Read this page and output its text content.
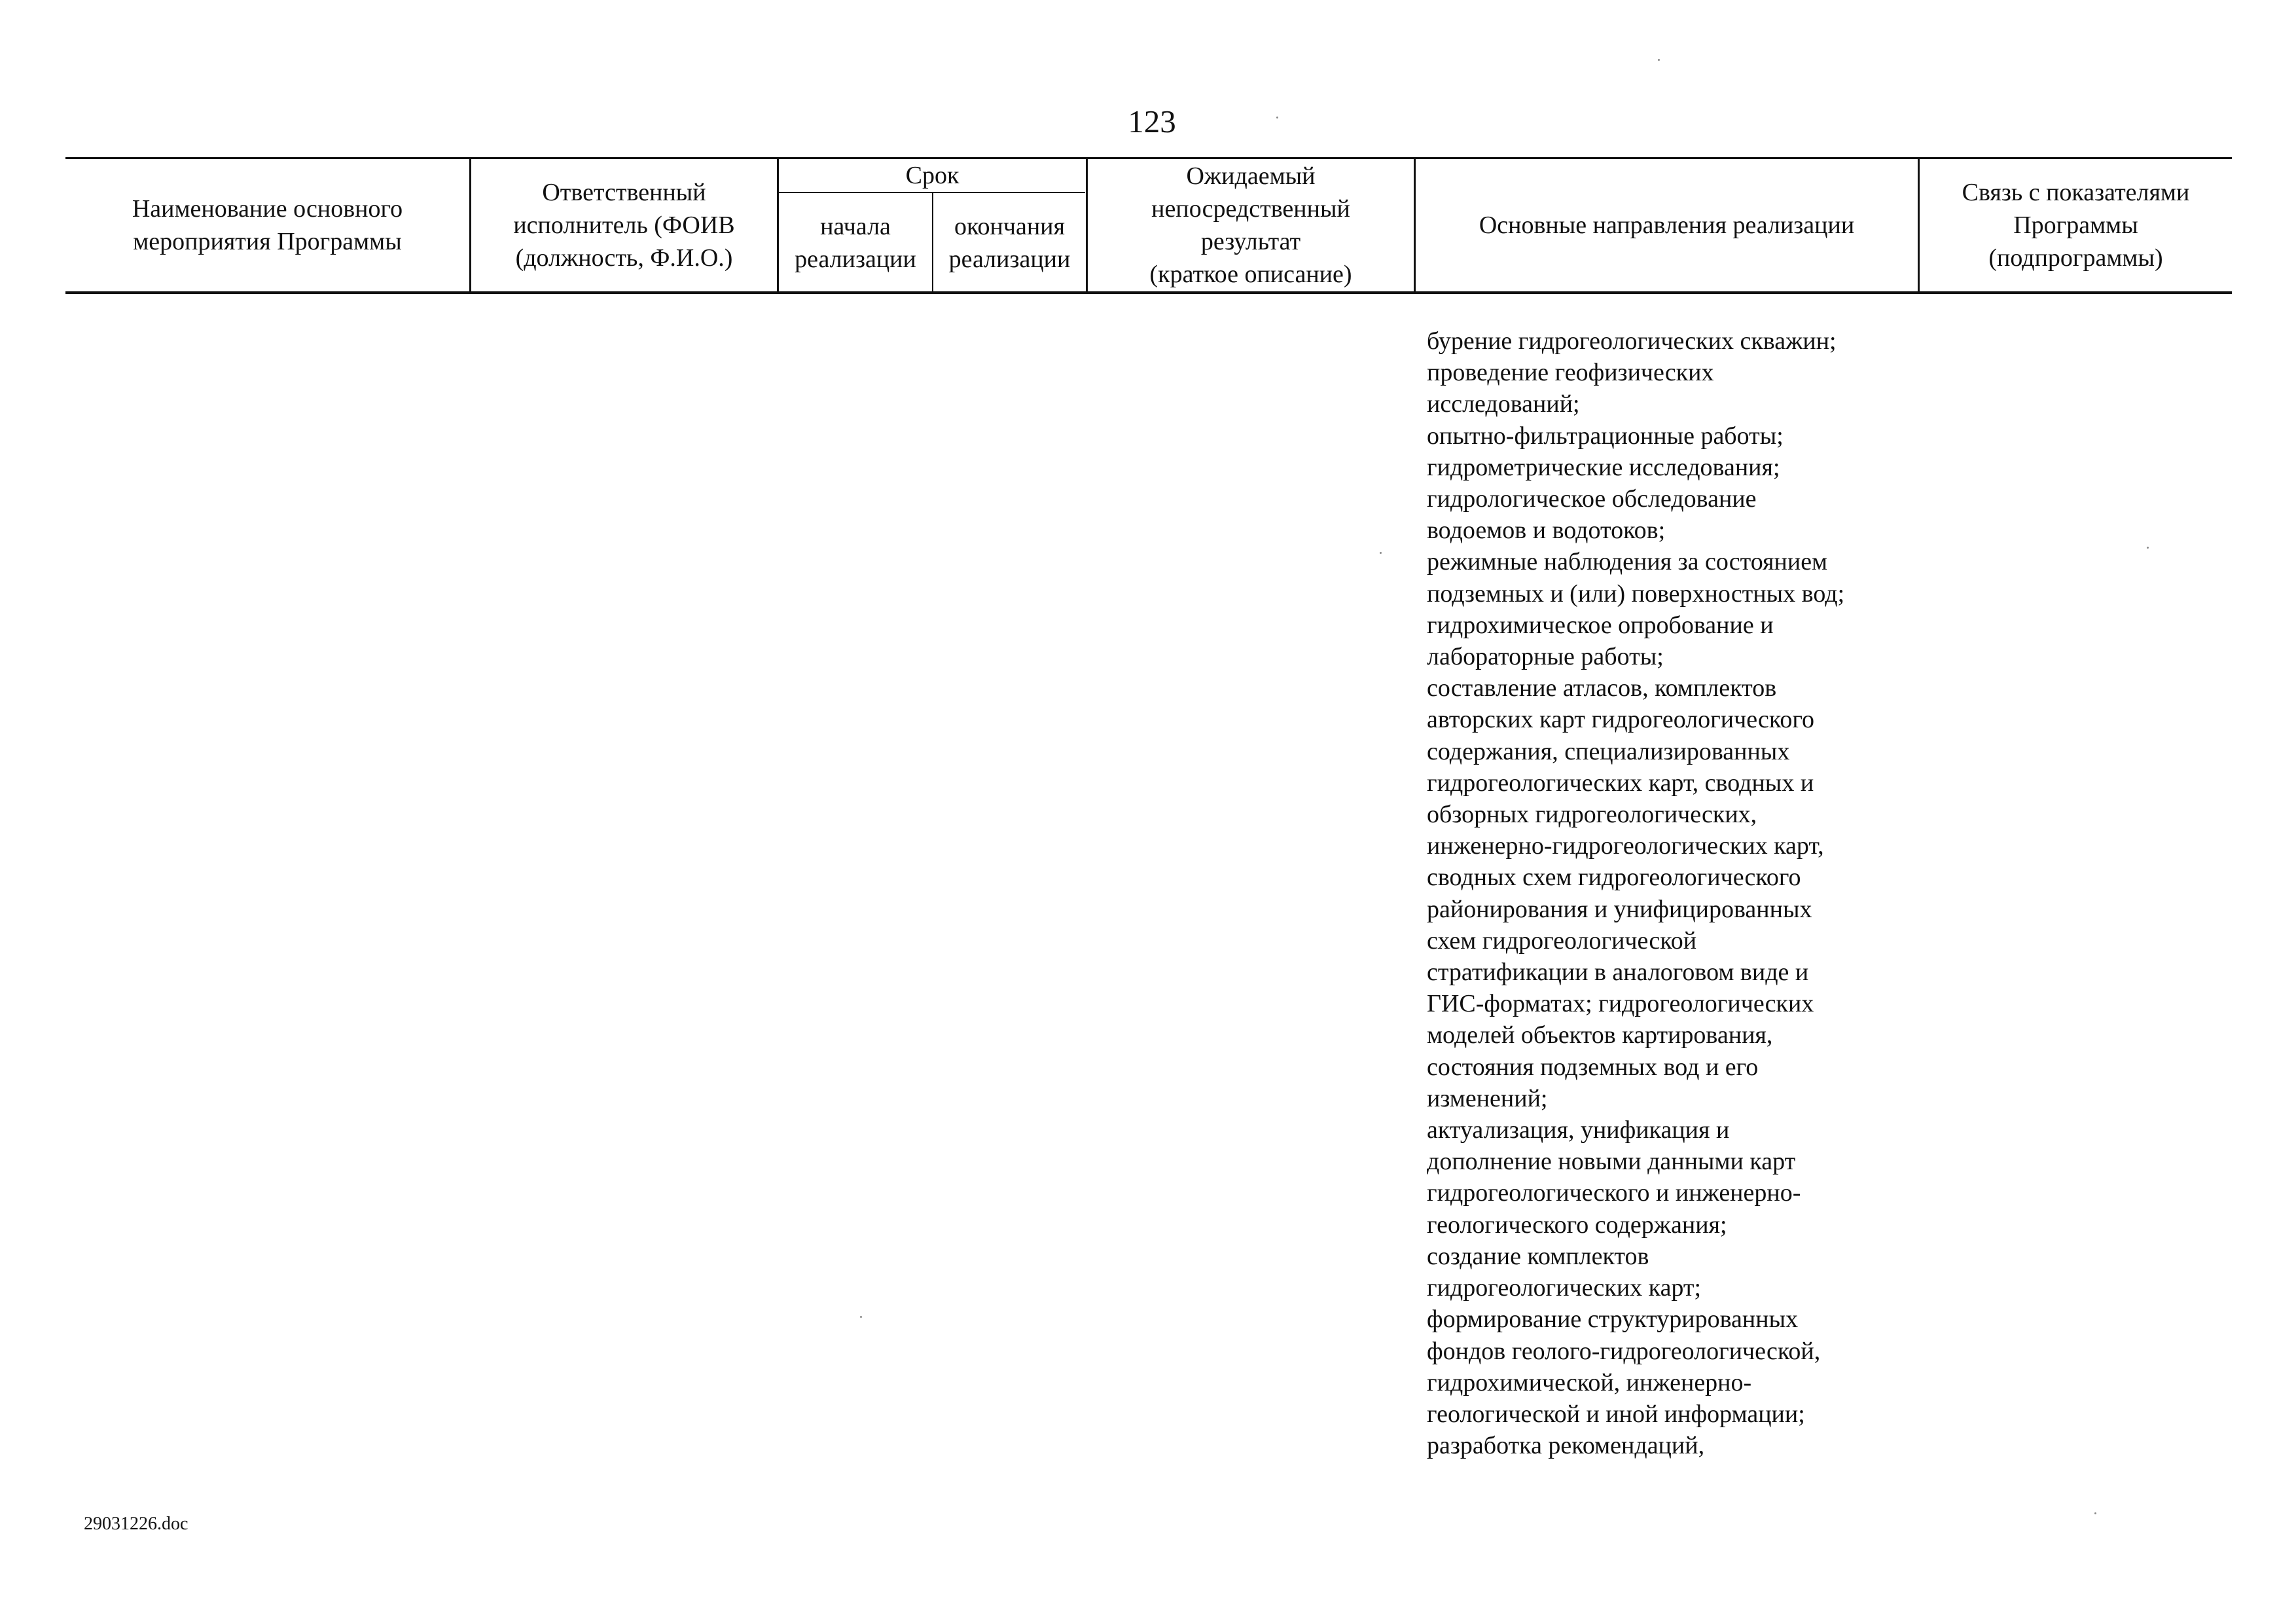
123
Наименование основного
мероприятия Программы
Ответственный
исполнитель (ФОИВ
(должность, Ф.И.О.)
Срок
начала
реализации
окончания
реализации
Ожидаемый
непосредственный
результат
(краткое описание)
Основные направления реализации
Связь с показателями
Программы
(подпрограммы)
бурение гидрогеологических скважин;
проведение геофизических
исследований;
опытно-фильтрационные работы;
гидрометрические исследования;
гидрологическое обследование
водоемов и водотоков;
режимные наблюдения за состоянием
подземных и (или) поверхностных вод;
гидрохимическое опробование и
лабораторные работы;
составление атласов, комплектов
авторских карт гидрогеологического
содержания, специализированных
гидрогеологических карт, сводных и
обзорных гидрогеологических,
инженерно-гидрогеологических карт,
сводных схем гидрогеологического
районирования и унифицированных
схем гидрогеологической
стратификации в аналоговом виде и
ГИС-форматах; гидрогеологических
моделей объектов картирования,
состояния подземных вод и его
изменений;
актуализация, унификация и
дополнение новыми данными карт
гидрогеологического и инженерно-
геологического содержания;
создание комплектов
гидрогеологических карт;
формирование структурированных
фондов геолого-гидрогеологической,
гидрохимической, инженерно-
геологической и иной информации;
разработка рекомендаций,
29031226.doc
